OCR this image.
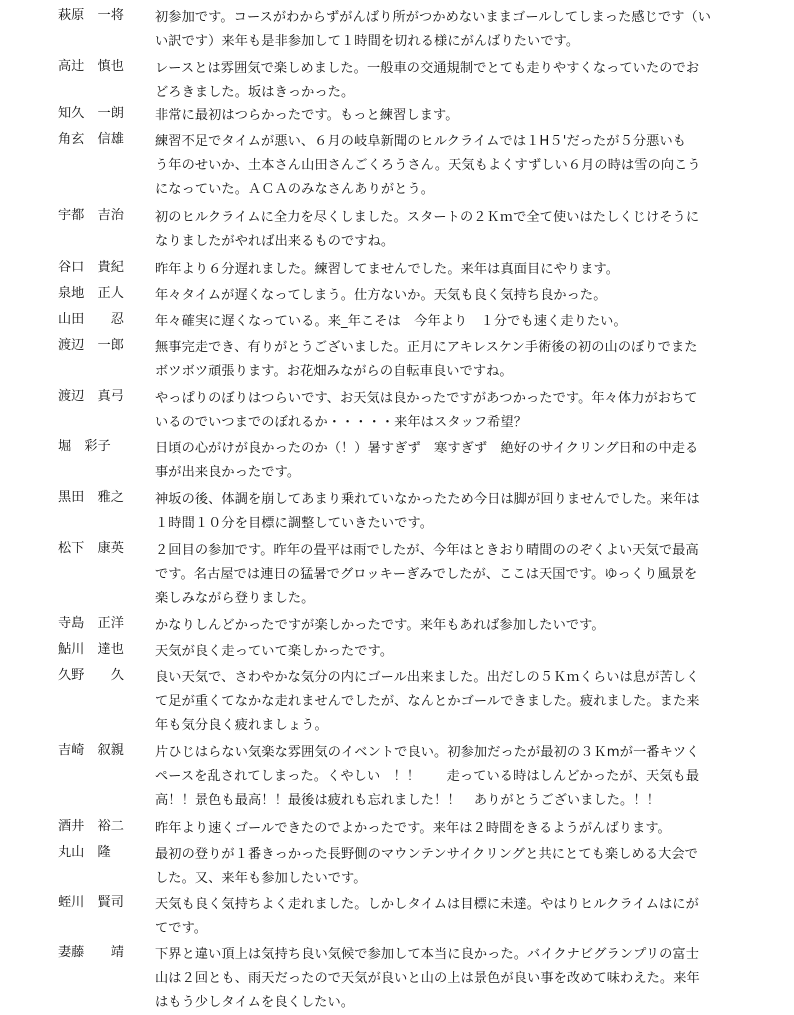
萩原　一将 初参加です。コースがわからずがんばり所がつかめないままゴールしてしまった感じです（い
い訳です）来年も是非参加して１時間を切れる様にがんばりたいです。
高辻　慎也 レースとは雰囲気で楽しめました。一般車の交通規制でとても走りやすくなっていたのでお
どろきました。坂はきっかった。
知久　一朗 非常に最初はつらかったです。もっと練習します。
角玄　信雄 練習不足でタイムが悪い、６月の岐阜新聞のヒルクライムでは１H５'だったが５分悪いも
う年のせいか、土本さん山田さんごくろうさん。天気もよくすずしい６月の時は雪の向こう
になっていた。ＡＣＡのみなさんありがとう。
宇都　吉治 初のヒルクライムに全力を尽くしました。スタートの２Ｋｍで全て使いはたしくじけそうに
なりましたがやれば出来るものですね。
谷口　貴紀 昨年より６分遅れました。練習してませんでした。来年は真面目にやります。
泉地　正人 年々タイムが遅くなってしまう。仕方ないか。天気も良く気持ち良かった。
山田　　忍 年々確実に遅くなっている。来_年こそは　今年より　１分でも速く走りたい。
渡辺　一郎 無事完走でき、有りがとうございました。正月にアキレスケン手術後の初の山のぼりでまた
ボツボツ頑張ります。お花畑みながらの自転車良いですね。
渡辺　真弓 やっぱりのぼりはつらいです、お天気は良かったですがあつかったです。年々体力がおちて
いるのでいつまでのぼれるか・・・・・来年はスタッフ希望？
堀　彩子	日頃の心がけが良かったのか（！）暑すぎず　寒すぎず　絶好のサイクリング日和の中走る
事が出来良かったです。
黒田　雅之 神坂の後、体調を崩してあまり乗れていなかったため今日は脚が回りませんでした。来年は
１時間１０分を目標に調整していきたいです。
松下　康英 ２回目の参加です。昨年の畳平は雨でしたが、今年はときおり晴間ののぞくよい天気で最高
です。名古屋では連日の猛暑でグロッキーぎみでしたが、ここは天国です。ゆっくり風景を
楽しみながら登りました。
寺島　正洋 かなりしんどかったですが楽しかったです。来年もあれば参加したいです。
鮎川　達也 天気が良く走っていて楽しかったです。
久野　　久 良い天気で、さわやかな気分の内にゴール出来ました。出だしの５Ｋｍくらいは息が苦しく
て足が重くてなかな走れませんでしたが、なんとかゴールできました。疲れました。また来
年も気分良く疲れましょう。
吉崎　叙親 片ひじはらない気楽な雰囲気のイベントで良い。初参加だったが最初の３Ｋmが一番キツく
ペースを乱されてしまった。くやしい　！！　　走っている時はしんどかったが、天気も最
高！！景色も最高！！最後は疲れも忘れました！！　ありがとうございました。！！
酒井　裕二 昨年より速くゴールできたのでよかったです。来年は２時間をきるようがんばります。
丸山　隆	最初の登りが１番きっかった長野側のマウンテンサイクリングと共にとても楽しめる大会で
した。又、来年も参加したいです。
蛭川　賢司 天気も良く気持ちよく走れました。しかしタイムは目標に未達。やはりヒルクライムはにが
てです。
妻藤　　靖 下界と違い頂上は気持ち良い気候で参加して本当に良かった。バイクナビグランプリの富士
山は２回とも、雨天だったので天気が良いと山の上は景色が良い事を改めて味わえた。来年
はもう少しタイムを良くしたい。
